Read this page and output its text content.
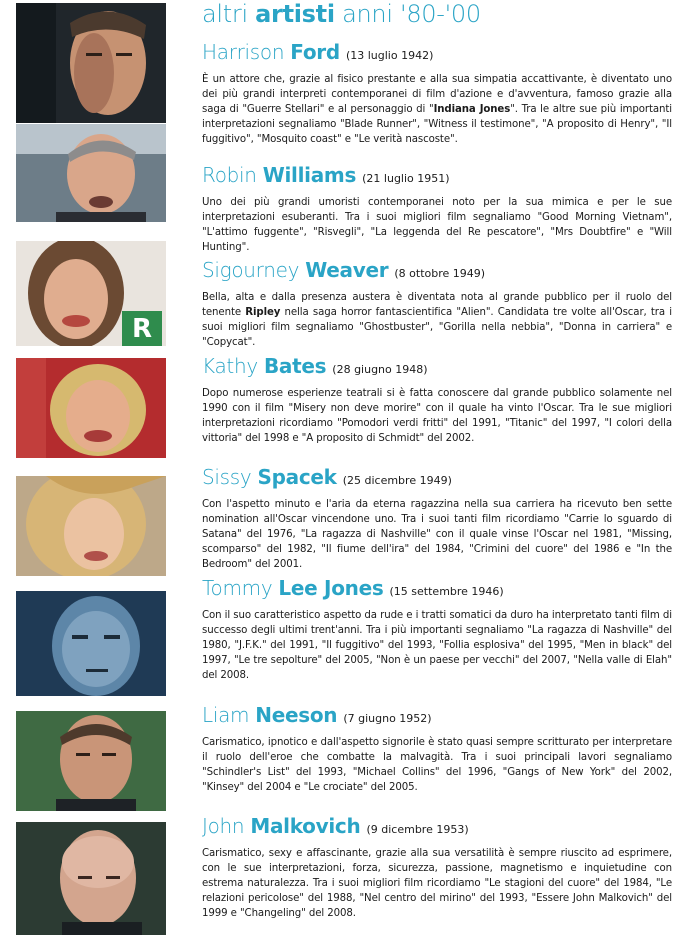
altri artisti anni '80-'00
R
Harrison Ford (13 luglio 1942)
È un attore che, grazie al fisico prestante e alla sua simpatia accattivante, è diventato uno dei più grandi interpreti contemporanei di film d'azione e d'avventura, famoso grazie alla saga di "Guerre Stellari" e al personaggio di "Indiana Jones". Tra le altre sue più importanti interpretazioni segnaliamo "Blade Runner", "Witness il testimone", "A proposito di Henry", "Il fuggitivo", "Mosquito coast" e "Le verità nascoste".
Robin Williams (21 luglio 1951)
Uno dei più grandi umoristi contemporanei noto per la sua mimica e per le sue interpretazioni esuberanti. Tra i suoi migliori film segnaliamo "Good Morning Vietnam", "L'attimo fuggente", "Risvegli", "La leggenda del Re pescatore", "Mrs Doubtfire" e "Will Hunting".
Sigourney Weaver (8 ottobre 1949)
Bella, alta e dalla presenza austera è diventata nota al grande pubblico per il ruolo del tenente Ripley nella saga horror fantascientifica "Alien". Candidata tre volte all'Oscar, tra i suoi migliori film segnaliamo "Ghostbuster", "Gorilla nella nebbia", "Donna in carriera" e "Copycat".
Kathy Bates (28 giugno 1948)
Dopo numerose esperienze teatrali si è fatta conoscere dal grande pubblico solamente nel 1990 con il film "Misery non deve morire" con il quale ha vinto l'Oscar. Tra le sue migliori interpretazioni ricordiamo "Pomodori verdi fritti" del 1991, "Titanic" del 1997, "I colori della vittoria" del 1998 e "A proposito di Schmidt" del 2002.
Sissy Spacek (25 dicembre 1949)
Con l'aspetto minuto e l'aria da eterna ragazzina nella sua carriera ha ricevuto ben sette nomination all'Oscar vincendone uno. Tra i suoi tanti film ricordiamo "Carrie lo sguardo di Satana" del 1976, "La ragazza di Nashville" con il quale vinse l'Oscar nel 1981, "Missing, scomparso" del 1982, "Il fiume dell'ira" del 1984, "Crimini del cuore" del 1986 e "In the Bedroom" del 2001.
Tommy Lee Jones (15 settembre 1946)
Con il suo caratteristico aspetto da rude e i tratti somatici da duro ha interpretato tanti film di successo degli ultimi trent'anni. Tra i più importanti segnaliamo "La ragazza di Nashville" del 1980, "J.F.K." del 1991, "Il fuggitivo" del 1993, "Follia esplosiva" del 1995, "Men in black" del 1997, "Le tre sepolture" del 2005, "Non è un paese per vecchi" del 2007, "Nella valle di Elah" del 2008.
Liam Neeson (7 giugno 1952)
Carismatico, ipnotico e dall'aspetto signorile è stato quasi sempre scritturato per interpretare il ruolo dell'eroe che combatte la malvagità. Tra i suoi principali lavori segnaliamo "Schindler's List" del 1993, "Michael Collins" del 1996, "Gangs of New York" del 2002, "Kinsey" del 2004 e "Le crociate" del 2005.
John Malkovich (9 dicembre 1953)
Carismatico, sexy e affascinante, grazie alla sua versatilità è sempre riuscito ad esprimere, con le sue interpretazioni, forza, sicurezza, passione, magnetismo e inquietudine con estrema naturalezza. Tra i suoi migliori film ricordiamo "Le stagioni del cuore" del 1984, "Le relazioni pericolose" del 1988, "Nel centro del mirino" del 1993, "Essere John Malkovich" del 1999 e "Changeling" del 2008.
